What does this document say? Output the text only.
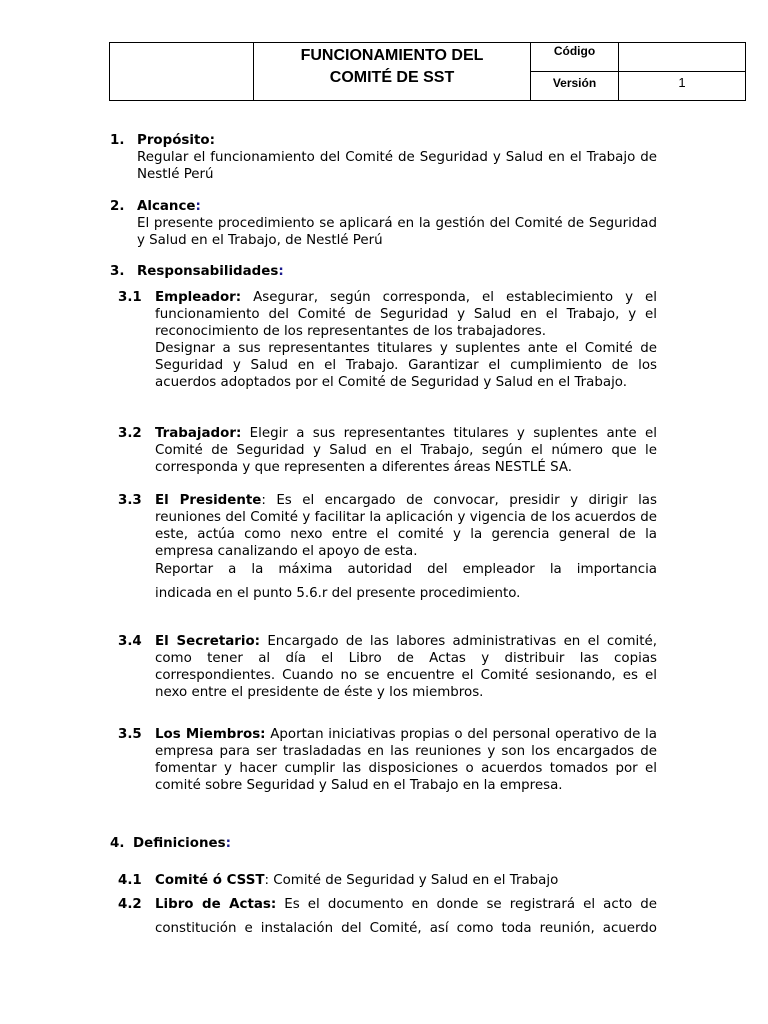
FUNCIONAMIENTO DEL
COMITÉ DE SST
Código
Versión	1
1. Propósito:
Regular el funcionamiento del Comité de Seguridad y Salud en el Trabajo de Nestlé Perú
2. Alcance:
El presente procedimiento se aplicará en la gestión del Comité de Seguridad y Salud en el Trabajo, de Nestlé Perú
3. Responsabilidades:
3.1 Empleador: Asegurar, según corresponda, el establecimiento y el funcionamiento del Comité de Seguridad y Salud en el Trabajo, y el reconocimiento de los representantes de los trabajadores.
Designar a sus representantes titulares y suplentes ante el Comité de Seguridad y Salud en el Trabajo. Garantizar el cumplimiento de los acuerdos adoptados por el Comité de Seguridad y Salud en el Trabajo.
3.2 Trabajador: Elegir a sus representantes titulares y suplentes ante el Comité de Seguridad y Salud en el Trabajo, según el número que le corresponda y que representen a diferentes áreas NESTLÉ SA.
3.3 El Presidente: Es el encargado de convocar, presidir y dirigir las reuniones del Comité y facilitar la aplicación y vigencia de los acuerdos de este, actúa como nexo entre el comité y la gerencia general de la empresa canalizando el apoyo de esta.
Reportar a la máxima autoridad del empleador la importancia
indicada en el punto 5.6.r del presente procedimiento.
3.4 El Secretario: Encargado de las labores administrativas en el comité, como tener al día el Libro de Actas y distribuir las copias correspondientes. Cuando no se encuentre el Comité sesionando, es el nexo entre el presidente de éste y los miembros.
3.5 Los Miembros: Aportan iniciativas propias o del personal operativo de la empresa para ser trasladadas en las reuniones y son los encargados de fomentar y hacer cumplir las disposiciones o acuerdos tomados por el comité sobre Seguridad y Salud en el Trabajo en la empresa.
4. Definiciones:
4.1 Comité ó CSST: Comité de Seguridad y Salud en el Trabajo
4.2 Libro de Actas: Es el documento en donde se registrará el acto de
constitución e instalación del Comité, así como toda reunión, acuerdo
